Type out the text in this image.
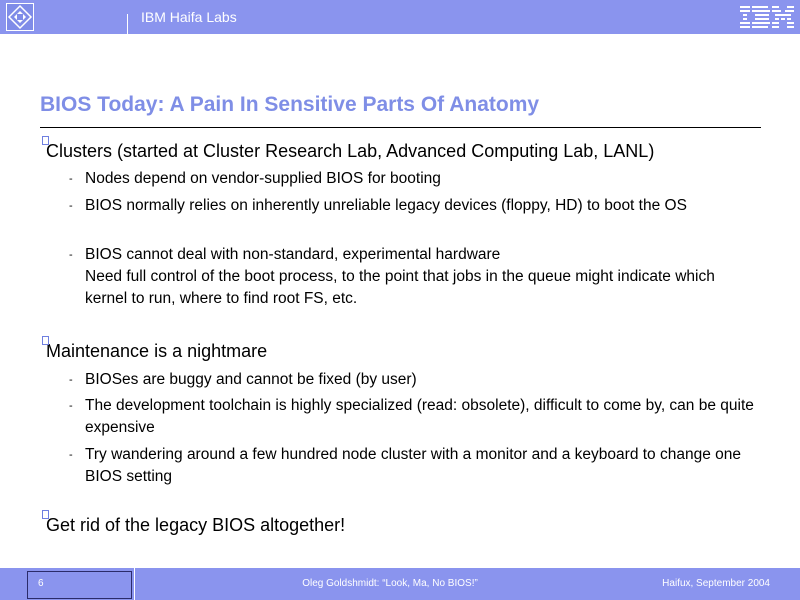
IBM Haifa Labs
BIOS Today: A Pain In Sensitive Parts Of Anatomy
Clusters (started at Cluster Research Lab, Advanced Computing Lab, LANL)
- Nodes depend on vendor-supplied BIOS for booting
- BIOS normally relies on inherently unreliable legacy devices (floppy, HD) to boot the OS
- BIOS cannot deal with non-standard, experimental hardware
Need full control of the boot process, to the point that jobs in the queue might indicate which kernel to run, where to find root FS, etc.
Maintenance is a nightmare
- BIOSes are buggy and cannot be fixed (by user)
- The development toolchain is highly specialized (read: obsolete), difficult to come by, can be quite expensive
- Try wandering around a few hundred node cluster with a monitor and a keyboard to change one BIOS setting
Get rid of the legacy BIOS altogether!
6	Oleg Goldshmidt: “Look, Ma, No BIOS!”	Haifux, September 2004
